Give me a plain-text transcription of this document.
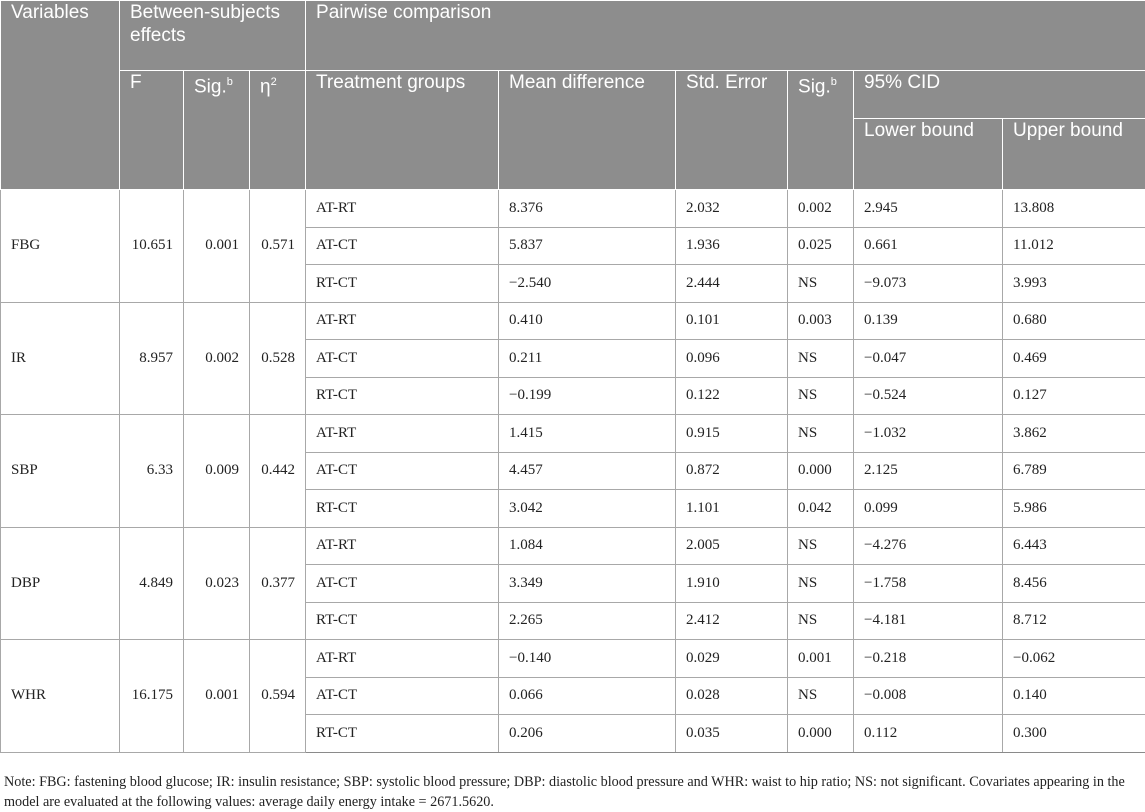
Variables	Between-subjects effects			Pairwise comparison					
	F	Sig.$^b$	$\eta^2$	Treatment groups	Mean difference	Std. Error	Sig.$^b$	95% CID	
								Lower bound	Upper bound
FBG	10.651	0.001	0.571	AT-RT	8.376	2.032	0.002	2.945	13.808
				AT-CT	5.837	1.936	0.025	0.661	11.012
				RT-CT	−2.540	2.444	NS	−9.073	3.993
IR	8.957	0.002	0.528	AT-RT	0.410	0.101	0.003	0.139	0.680
				AT-CT	0.211	0.096	NS	−0.047	0.469
				RT-CT	−0.199	0.122	NS	−0.524	0.127
SBP	6.33	0.009	0.442	AT-RT	1.415	0.915	NS	−1.032	3.862
				AT-CT	4.457	0.872	0.000	2.125	6.789
				RT-CT	3.042	1.101	0.042	0.099	5.986
DBP	4.849	0.023	0.377	AT-RT	1.084	2.005	NS	−4.276	6.443
				AT-CT	3.349	1.910	NS	−1.758	8.456
				RT-CT	2.265	2.412	NS	−4.181	8.712
WHR	16.175	0.001	0.594	AT-RT	−0.140	0.029	0.001	−0.218	−0.062
				AT-CT	0.066	0.028	NS	−0.008	0.140
				RT-CT	0.206	0.035	0.000	0.112	0.300

Note: FBG: fastening blood glucose; IR: insulin resistance; SBP: systolic blood pressure; DBP: diastolic blood pressure and WHR: waist to hip ratio; NS: not significant. Covariates appearing in the model are evaluated at the following values: average daily energy intake = 2671.5620.
